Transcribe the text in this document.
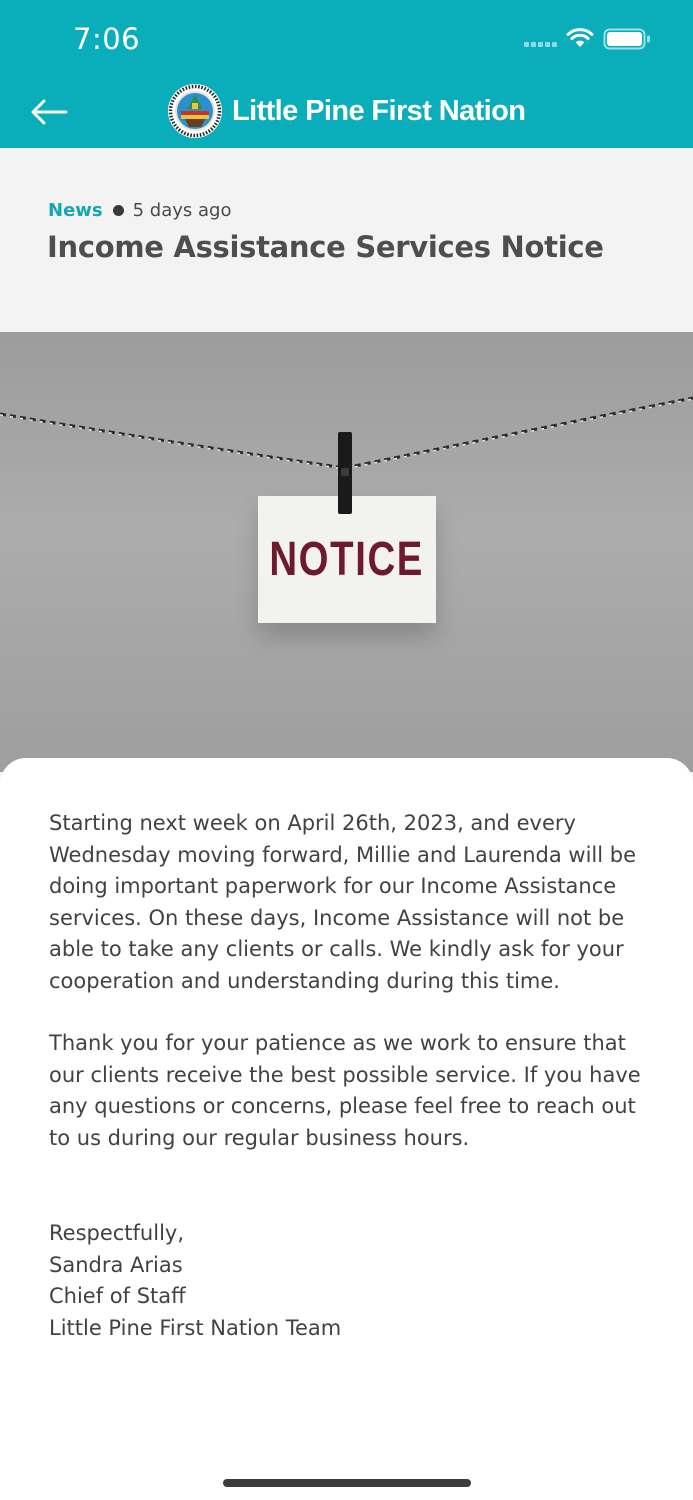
7:06
Little Pine First Nation
News 5 days ago
Income Assistance Services Notice
NOTICE

Starting next week on April 26th, 2023, and every Wednesday moving forward, Millie and Laurenda will be doing important paperwork for our Income Assistance services. On these days, Income Assistance will not be able to take any clients or calls. We kindly ask for your cooperation and understanding during this time.

Thank you for your patience as we work to ensure that our clients receive the best possible service. If you have any questions or concerns, please feel free to reach out to us during our regular business hours.

Respectfully,
Sandra Arias
Chief of Staff
Little Pine First Nation Team
